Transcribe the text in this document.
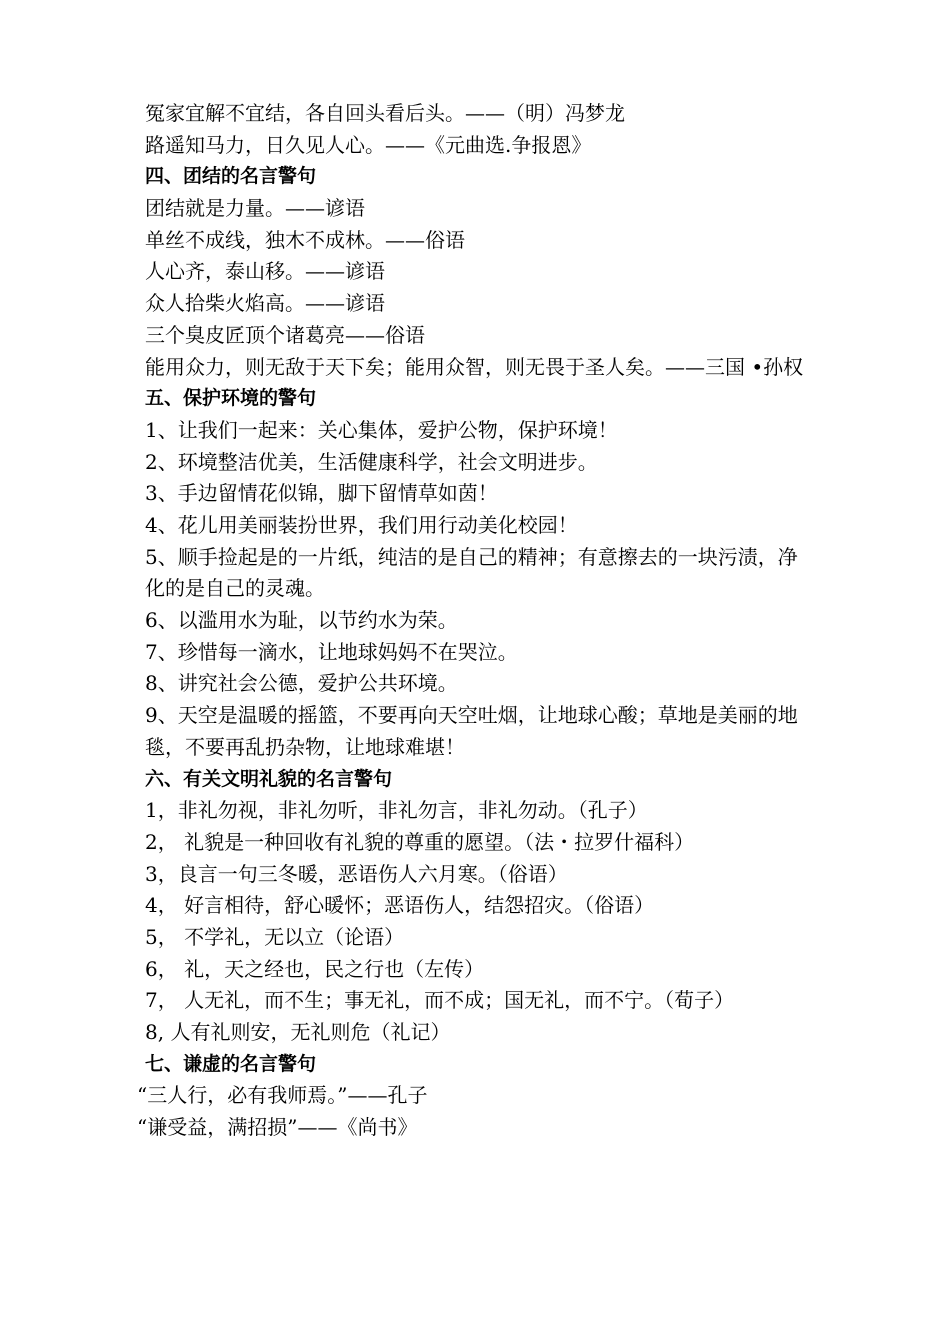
冤家宜解不宜结，各自回头看后头。——（明）冯梦龙
路遥知马力，日久见人心。——《元曲选.争报恩》
四、团结的名言警句
团结就是力量。——谚语
单丝不成线，独木不成林。——俗语
人心齐，泰山移。——谚语
众人拾柴火焰高。——谚语
三个臭皮匠顶个诸葛亮——俗语
能用众力，则无敌于天下矣；能用众智，则无畏于圣人矣。——三国 •孙权
五、保护环境的警句
1、让我们一起来：关心集体，爱护公物，保护环境！
2、环境整洁优美，生活健康科学，社会文明进步。
3、手边留情花似锦，脚下留情草如茵！
4、花儿用美丽装扮世界，我们用行动美化校园！
5、顺手捡起是的一片纸，纯洁的是自己的精神；有意擦去的一块污渍，净化的是自己的灵魂。
6、以滥用水为耻，以节约水为荣。
7、珍惜每一滴水，让地球妈妈不在哭泣。
8、讲究社会公德，爱护公共环境。
9、天空是温暖的摇篮，不要再向天空吐烟，让地球心酸；草地是美丽的地毯，不要再乱扔杂物，让地球难堪！
六、有关文明礼貌的名言警句
1，非礼勿视，非礼勿听，非礼勿言，非礼勿动。（孔子）
2， 礼貌是一种回收有礼貌的尊重的愿望。（法・拉罗什福科）
3，良言一句三冬暖，恶语伤人六月寒。（俗语）
4， 好言相待，舒心暖怀；恶语伤人，结怨招灾。（俗语）
5， 不学礼，无以立（论语）
6， 礼，天之经也，民之行也（左传）
7， 人无礼，而不生；事无礼，而不成；国无礼，而不宁。（荀子）
8, 人有礼则安，无礼则危（礼记）
七、谦虚的名言警句
“三人行，必有我师焉。”——孔子
“谦受益，满招损”——《尚书》
